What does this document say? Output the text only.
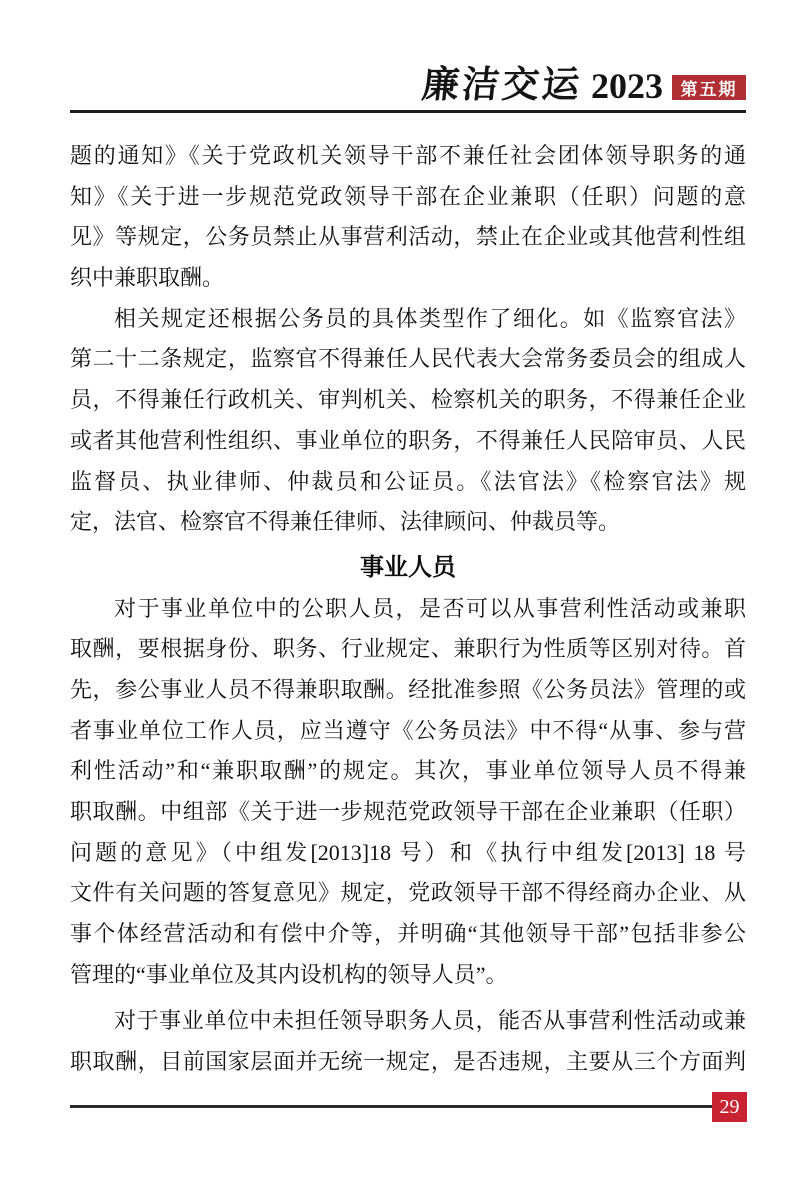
廉洁交运 2023	第五期
题的通知》《关于党政机关领导干部不兼任社会团体领导职务的通
知》《关于进一步规范党政领导干部在企业兼职（任职）问题的意
见》等规定，公务员禁止从事营利活动，禁止在企业或其他营利性组
织中兼职取酬。
相关规定还根据公务员的具体类型作了细化。如《监察官法》
第二十二条规定，监察官不得兼任人民代表大会常务委员会的组成人
员，不得兼任行政机关、审判机关、检察机关的职务，不得兼任企业
或者其他营利性组织、事业单位的职务，不得兼任人民陪审员、人民
监督员、执业律师、仲裁员和公证员。《法官法》《检察官法》规
定，法官、检察官不得兼任律师、法律顾问、仲裁员等。
事业人员
对于事业单位中的公职人员，是否可以从事营利性活动或兼职
取酬，要根据身份、职务、行业规定、兼职行为性质等区别对待。首
先，参公事业人员不得兼职取酬。经批准参照《公务员法》管理的或
者事业单位工作人员，应当遵守《公务员法》中不得“从事、参与营
利性活动”和“兼职取酬”的规定。其次，事业单位领导人员不得兼
职取酬。中组部《关于进一步规范党政领导干部在企业兼职（任职）
问题的意见》（中组发[2013]18 号）和《执行中组发[2013] 18 号
文件有关问题的答复意见》规定，党政领导干部不得经商办企业、从
事个体经营活动和有偿中介等，并明确“其他领导干部”包括非参公
管理的“事业单位及其内设机构的领导人员”。
对于事业单位中未担任领导职务人员，能否从事营利性活动或兼
职取酬，目前国家层面并无统一规定，是否违规，主要从三个方面判
29
